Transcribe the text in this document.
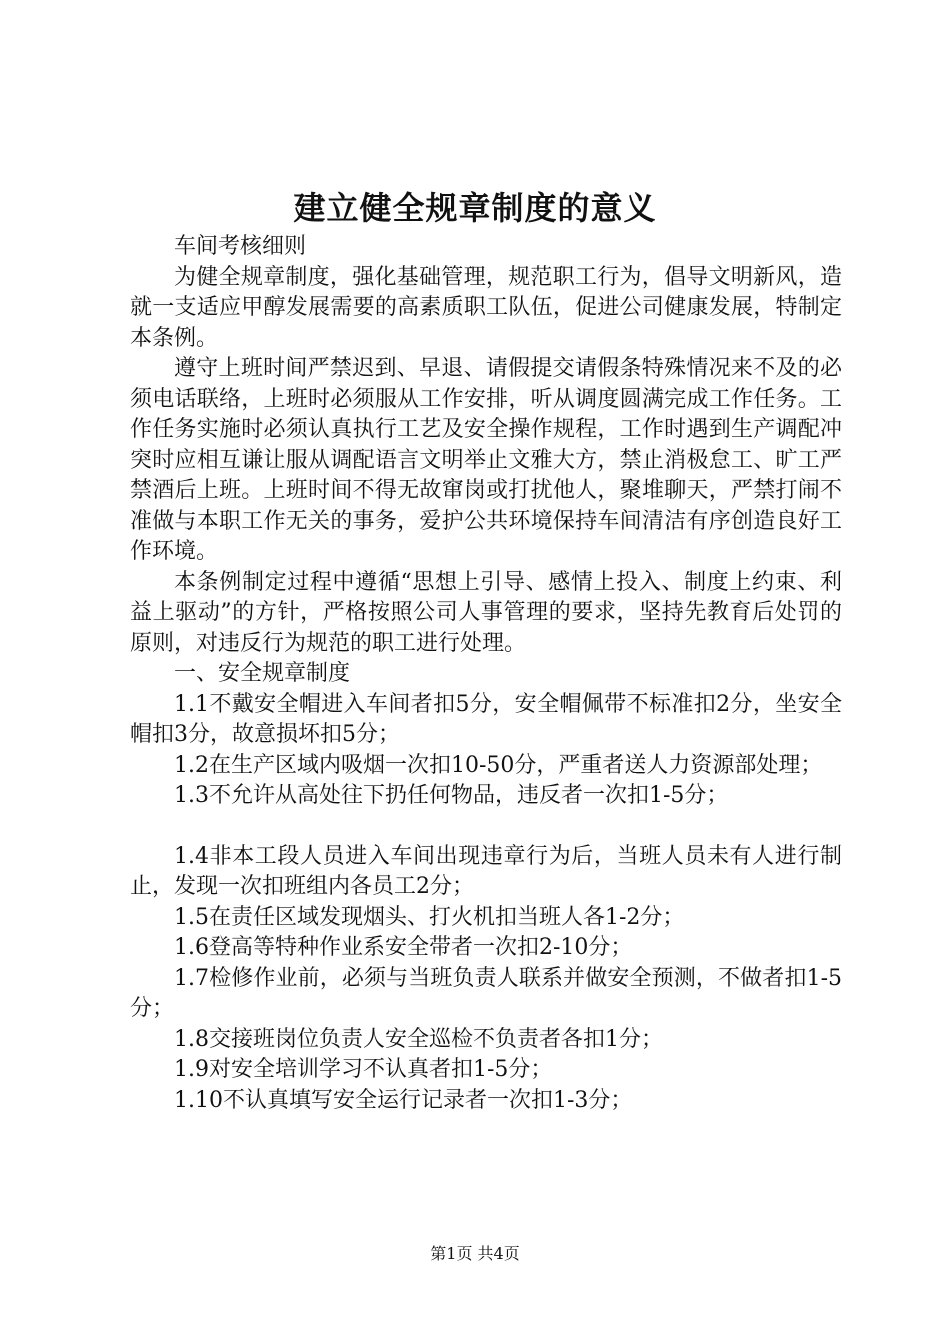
建立健全规章制度的意义

车间考核细则

为健全规章制度，强化基础管理，规范职工行为，倡导文明新风，造就一支适应甲醇发展需要的高素质职工队伍，促进公司健康发展，特制定本条例。

遵守上班时间严禁迟到、早退、请假提交请假条特殊情况来不及的必须电话联络，上班时必须服从工作安排，听从调度圆满完成工作任务。工作任务实施时必须认真执行工艺及安全操作规程，工作时遇到生产调配冲突时应相互谦让服从调配语言文明举止文雅大方，禁止消极怠工、旷工严禁酒后上班。上班时间不得无故窜岗或打扰他人，聚堆聊天，严禁打闹不准做与本职工作无关的事务，爱护公共环境保持车间清洁有序创造良好工作环境。

本条例制定过程中遵循“思想上引导、感情上投入、制度上约束、利益上驱动”的方针，严格按照公司人事管理的要求，坚持先教育后处罚的原则，对违反行为规范的职工进行处理。

一、安全规章制度

1.1不戴安全帽进入车间者扣5分，安全帽佩带不标准扣2分，坐安全帽扣3分，故意损坏扣5分；

1.2在生产区域内吸烟一次扣10-50分，严重者送人力资源部处理；

1.3不允许从高处往下扔任何物品，违反者一次扣1-5分；

1.4非本工段人员进入车间出现违章行为后，当班人员未有人进行制止，发现一次扣班组内各员工2分；

1.5在责任区域发现烟头、打火机扣当班人各1-2分；

1.6登高等特种作业系安全带者一次扣2-10分；

1.7检修作业前，必须与当班负责人联系并做安全预测，不做者扣1-5分；

1.8交接班岗位负责人安全巡检不负责者各扣1分；

1.9对安全培训学习不认真者扣1-5分；

1.10不认真填写安全运行记录者一次扣1-3分；

第1页 共4页
